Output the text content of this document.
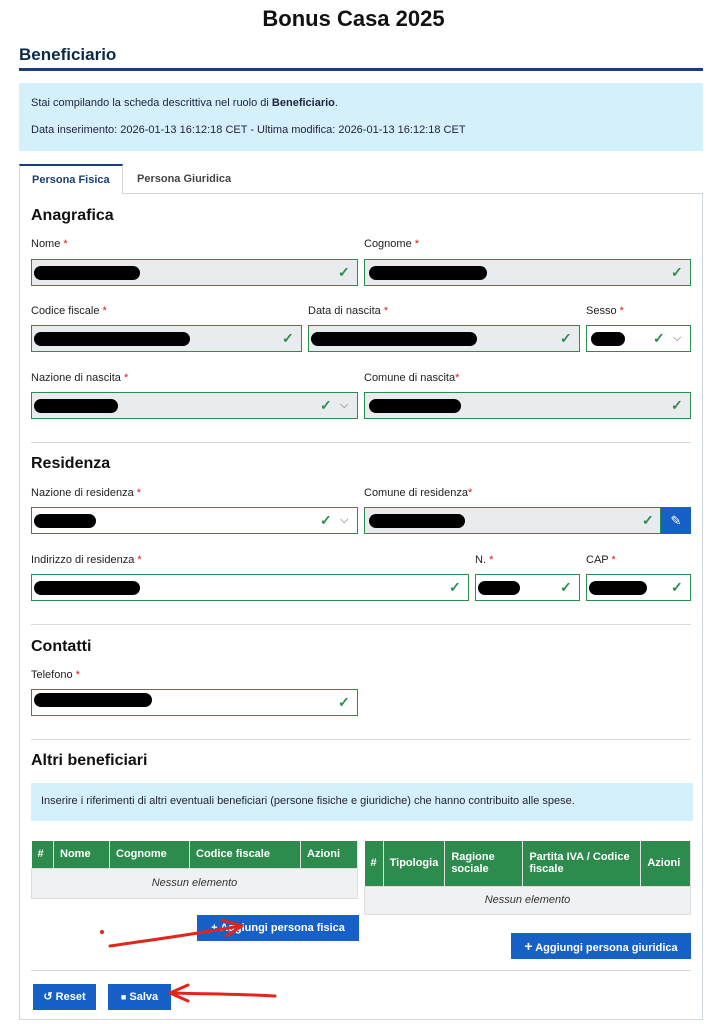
Bonus Casa 2025
Beneficiario
Stai compilando la scheda descrittiva nel ruolo di Beneficiario.
Data inserimento: 2026-01-13 16:12:18 CET - Ultima modifica: 2026-01-13 16:12:18 CET
Persona Fisica	Persona Giuridica
Anagrafica
Nome *	Cognome *
✓	✓
Codice fiscale *	Data di nascita *	Sesso *
✓	✓	✓ ⌵
Nazione di nascita *	Comune di nascita*
✓ ⌵	✓
Residenza
Nazione di residenza *	Comune di residenza*
✓ ⌵	✓	✎
Indirizzo di residenza *	N. *	CAP *
✓	✓	✓
Contatti
Telefono *
✓
Altri beneficiari
Inserire i riferimenti di altri eventuali beneficiari (persone fisiche e giuridiche) che hanno contribuito alle spese.
#	Nome	Cognome	Codice fiscale	Azioni
Nessun elemento
#	Tipologia	Ragione sociale	Partita IVA / Codice fiscale	Azioni
Nessun elemento
+ Aggiungi persona fisica
+ Aggiungi persona giuridica
↺ Reset	■ Salva
